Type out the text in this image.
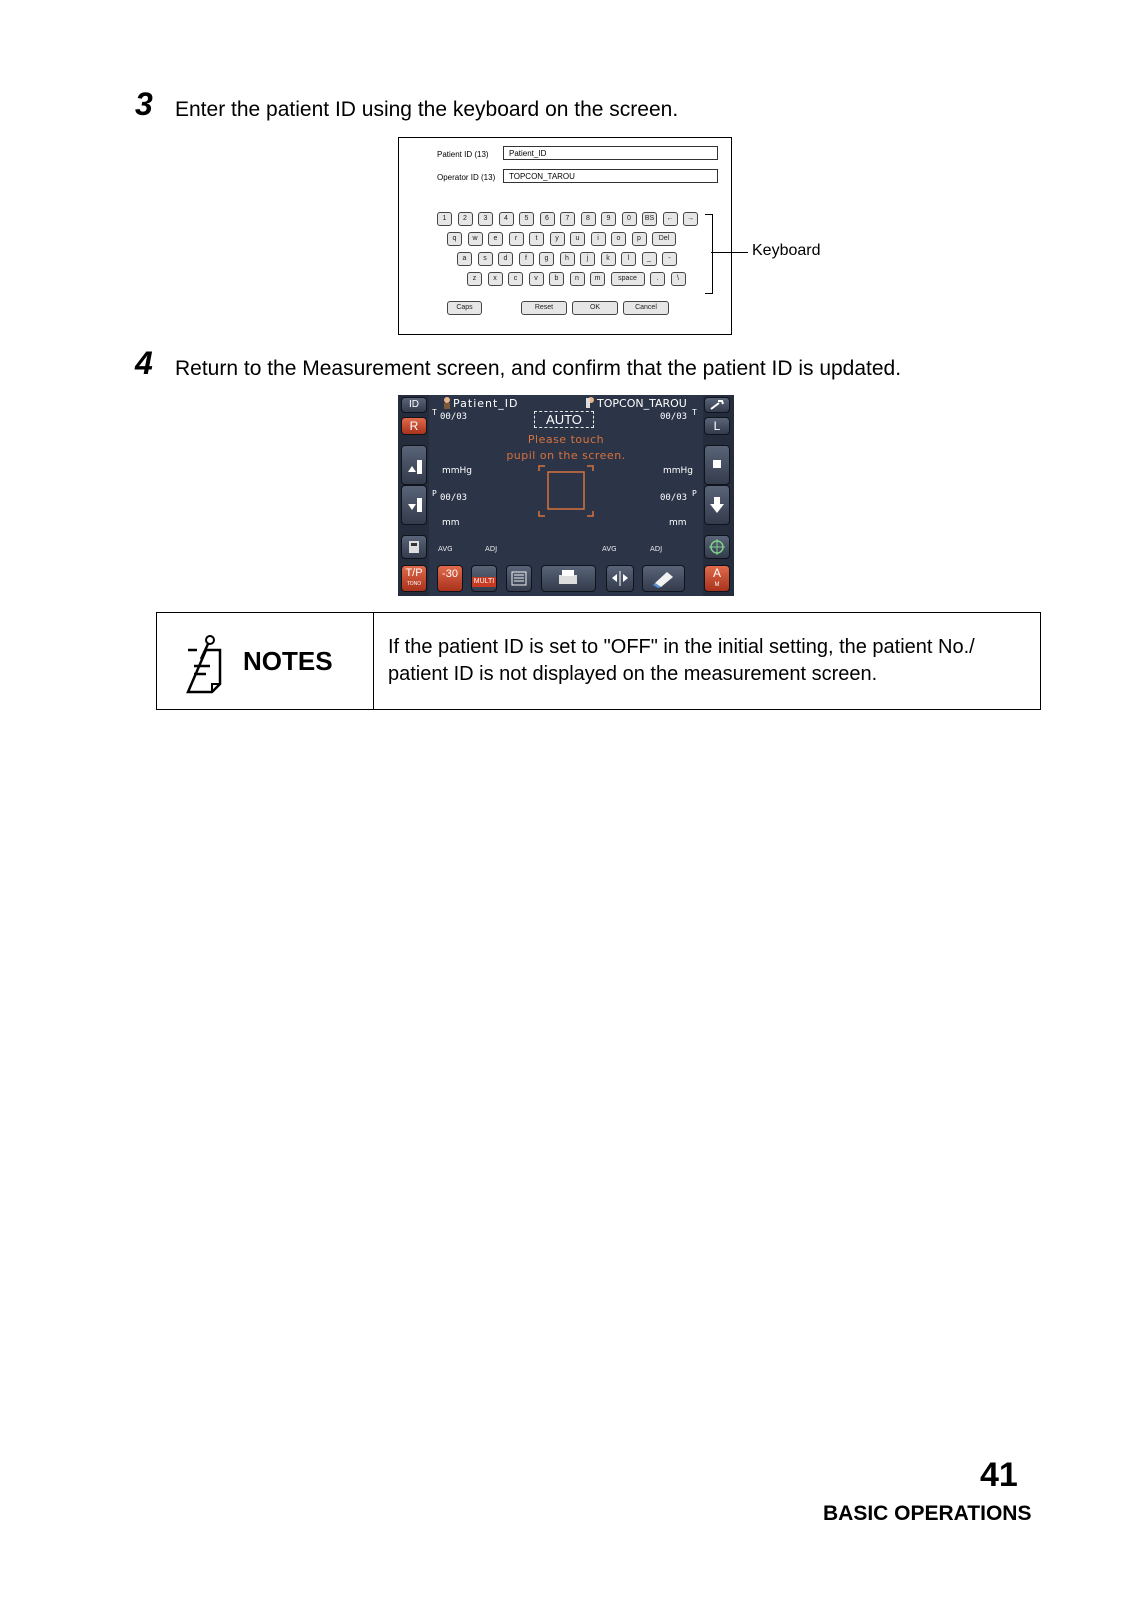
3 Enter the patient ID using the keyboard on the screen.
Patient ID (13)	Patient_ID
Operator ID (13)	TOPCON_TAROU
1	2	3	4	5	6	7	8	9	0	BS	←	→
q	w	e	r	t	y	u	i	o	p	Del
a	s	d	f	g	h	j	k	l	_	-
z	x	c	v	b	n	m	space	.	\
Caps	Reset	OK	Cancel
Keyboard
4 Return to the Measurement screen, and confirm that the patient ID is updated.
ID
R
T/P
TONO
L
A
M
Patient_ID	TOPCON_TAROU
AUTO
T 00/03	00/03 T
Please touch
pupil on the screen.
mmHg	mmHg
P 00/03	00/03 P
mm	mm
AVG	ADJ	AVG	ADJ
-30
MULTI
NOTES	If the patient ID is set to "OFF" in the initial setting, the patient No./ patient ID is not displayed on the measurement screen.
41
BASIC OPERATIONS
